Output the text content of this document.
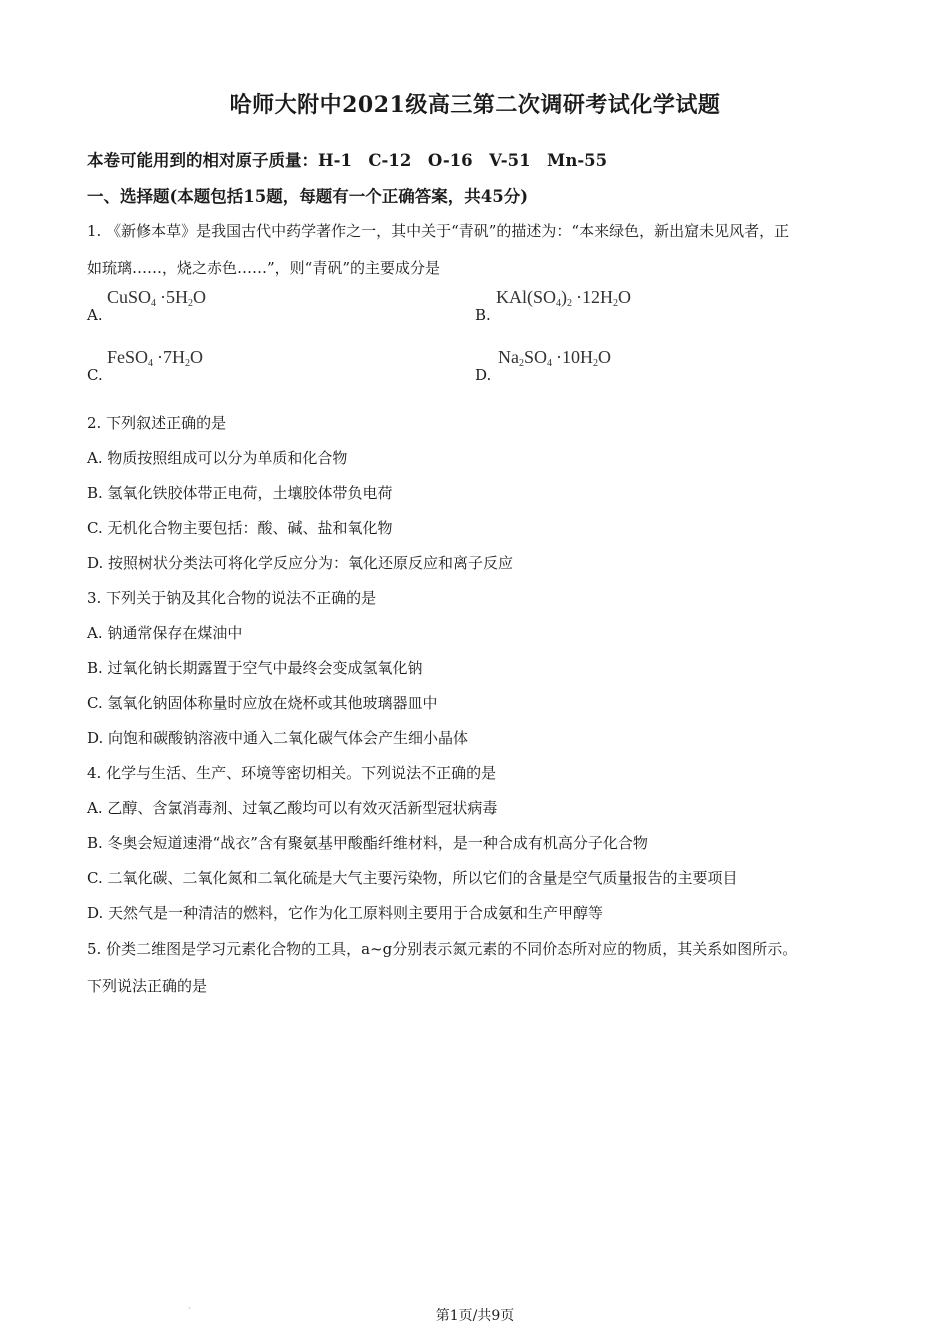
哈师大附中2021级高三第二次调研考试化学试题
本卷可能用到的相对原子质量：H-1　C-12　O-16　V-51　Mn-55
一、选择题(本题包括15题，每题有一个正确答案，共45分)
1. 《新修本草》是我国古代中药学著作之一，其中关于“青矾”的描述为：“本来绿色，新出窟未见风者，正
如琉璃……，烧之赤色……”，则“青矾”的主要成分是
A.
CuSO$_4$ $\cdot 5H_2O$
B.
$KAl(SO_4)_2 \cdot 12H_2O$
C.
FeSO$_4$ $\cdot 7H_2O$
D.
$Na_2SO_4 \cdot 10H_2O$
2. 下列叙述正确的是
A. 物质按照组成可以分为单质和化合物
B. 氢氧化铁胶体带正电荷，土壤胶体带负电荷
C. 无机化合物主要包括：酸、碱、盐和氧化物
D. 按照树状分类法可将化学反应分为：氧化还原反应和离子反应
3. 下列关于钠及其化合物的说法不正确的是
A. 钠通常保存在煤油中
B. 过氧化钠长期露置于空气中最终会变成氢氧化钠
C. 氢氧化钠固体称量时应放在烧杯或其他玻璃器皿中
D. 向饱和碳酸钠溶液中通入二氧化碳气体会产生细小晶体
4. 化学与生活、生产、环境等密切相关。下列说法不正确的是
A. 乙醇、含氯消毒剂、过氧乙酸均可以有效灭活新型冠状病毒
B. 冬奥会短道速滑“战衣”含有聚氨基甲酸酯纤维材料，是一种合成有机高分子化合物
C. 二氧化碳、二氧化氮和二氧化硫是大气主要污染物，所以它们的含量是空气质量报告的主要项目
D. 天然气是一种清洁的燃料，它作为化工原料则主要用于合成氨和生产甲醇等
5. 价类二维图是学习元素化合物的工具，a~g分别表示氮元素的不同价态所对应的物质，其关系如图所示。
下列说法正确的是
·	第1页/共9页
